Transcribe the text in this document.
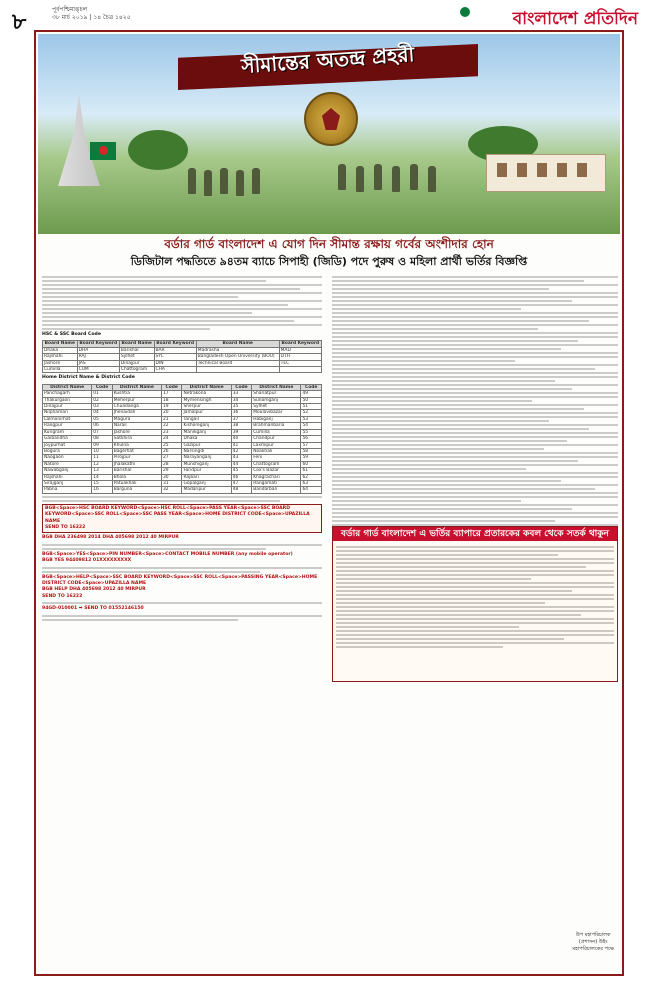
৮
পূর্বপশ্চিমাঙ্চল
৩৮ মার্চ ২০১৯ | ১৪ চৈত্র ১৪২৫	বাংলাদেশ প্রতিদিন
সীমান্তের অতন্দ্র প্রহরী
বর্ডার গার্ড বাংলাদেশ এ যোগ দিন সীমান্ত রক্ষায় গর্বের অংশীদার হোন
ডিজিটাল পদ্ধতিতে ৯৪তম ব্যাচে সিপাহী (জিডি) পদে পুরুষ ও মহিলা প্রার্থী ভর্তির বিজ্ঞপ্তি
HSC & SSC Board Code
Board Name	Board Keyword	Board Name	Board Keyword	Board Name	Board Keyword
Dhaka	DHA	Barishal	BAR	Madrasha	MAD
Rajshahi	RAJ	Sylhet	SYL	Bangladesh Open University (BOU)	DTH
Jashore	JAS	Dinajpur	DIN	Technical Board	TEC
Cumilla	CUM	Chattogram	CHA		
Home District Name & District Code
District Name	Code	District Name	Code	District Name	Code	District Name	Code
Panchagarh	01	Kushtia	17	Netrakona	33	Shariatpur	49
Thakurgaon	02	Meherpur	18	Mymensingh	34	Sunamganj	50
Dinajpur	03	Chuadanga	19	Sherpur	35	Sylhet	51
Nilphamari	04	Jhenaidah	20	Jamalpur	36	Moulavibazar	52
Lalmonirhat	05	Magura	21	Tangail	37	Habiganj	53
Rangpur	06	Narail	22	Kishoreganj	38	Brahmanbaria	54
Kurigram	07	Jashore	23	Manikganj	39	Cumilla	55
Gaibandha	08	Satkhira	24	Dhaka	40	Chandpur	56
Joypurhat	09	Khulna	25	Gazipur	41	Laxmipur	57
Bogura	10	Bagerhat	26	Narsingdi	42	Noakhali	58
Naogaon	11	Pirojpur	27	Narayanganj	43	Feni	59
Natore	12	Jhalakathi	28	Munshiganj	44	Chattogram	60
Nawabganj	13	Barishal	29	Faridpur	45	Cox's Bazar	61
Rajshahi	14	Bhola	30	Rajbari	46	Khagrachari	62
Sirajganj	15	Patuakhali	31	Gopalganj	47	Rangamati	63
Pabna	16	Barguna	32	Madaripur	48	Bandarban	64
BGB<Space>HSC BOARD KEYWORD<Space>HSC ROLL<Space>PASS YEAR<Space>SSC BOARD KEYWORD<Space>SSC ROLL<Space>SSC PASS YEAR<Space>HOME DISTRICT CODE<Space>UPAZILLA NAME
SEND TO 16222
BGB DHA 236498 2014 DHA 405698 2012 40 MIRPUR
BGB<Space>YES<Space>PIN NUMBER<Space>CONTACT MOBILE NUMBER (any mobile operator)
BGB YES 94409812 01XXXXXXXXX
BGB<Space>HELP<Space>SSC BOARD KEYWORD<Space>SSC ROLL<Space>PASSING YEAR<Space>HOME DISTRICT CODE<Space>UPAZILLA NAME
BGB HELP DHA 405698 2012 40 MIRPUR
SEND TO 16222
94GD-010001 ➡ SEND TO 01552146150
বর্ডার গার্ড বাংলাদেশ এ ভর্তির ব্যাপারে প্রতারকের কবল থেকে সতর্ক থাকুন
উপ মহাপরিচালক
(প্রশাসন) উইং
মহাপরিচালকের পক্ষে
